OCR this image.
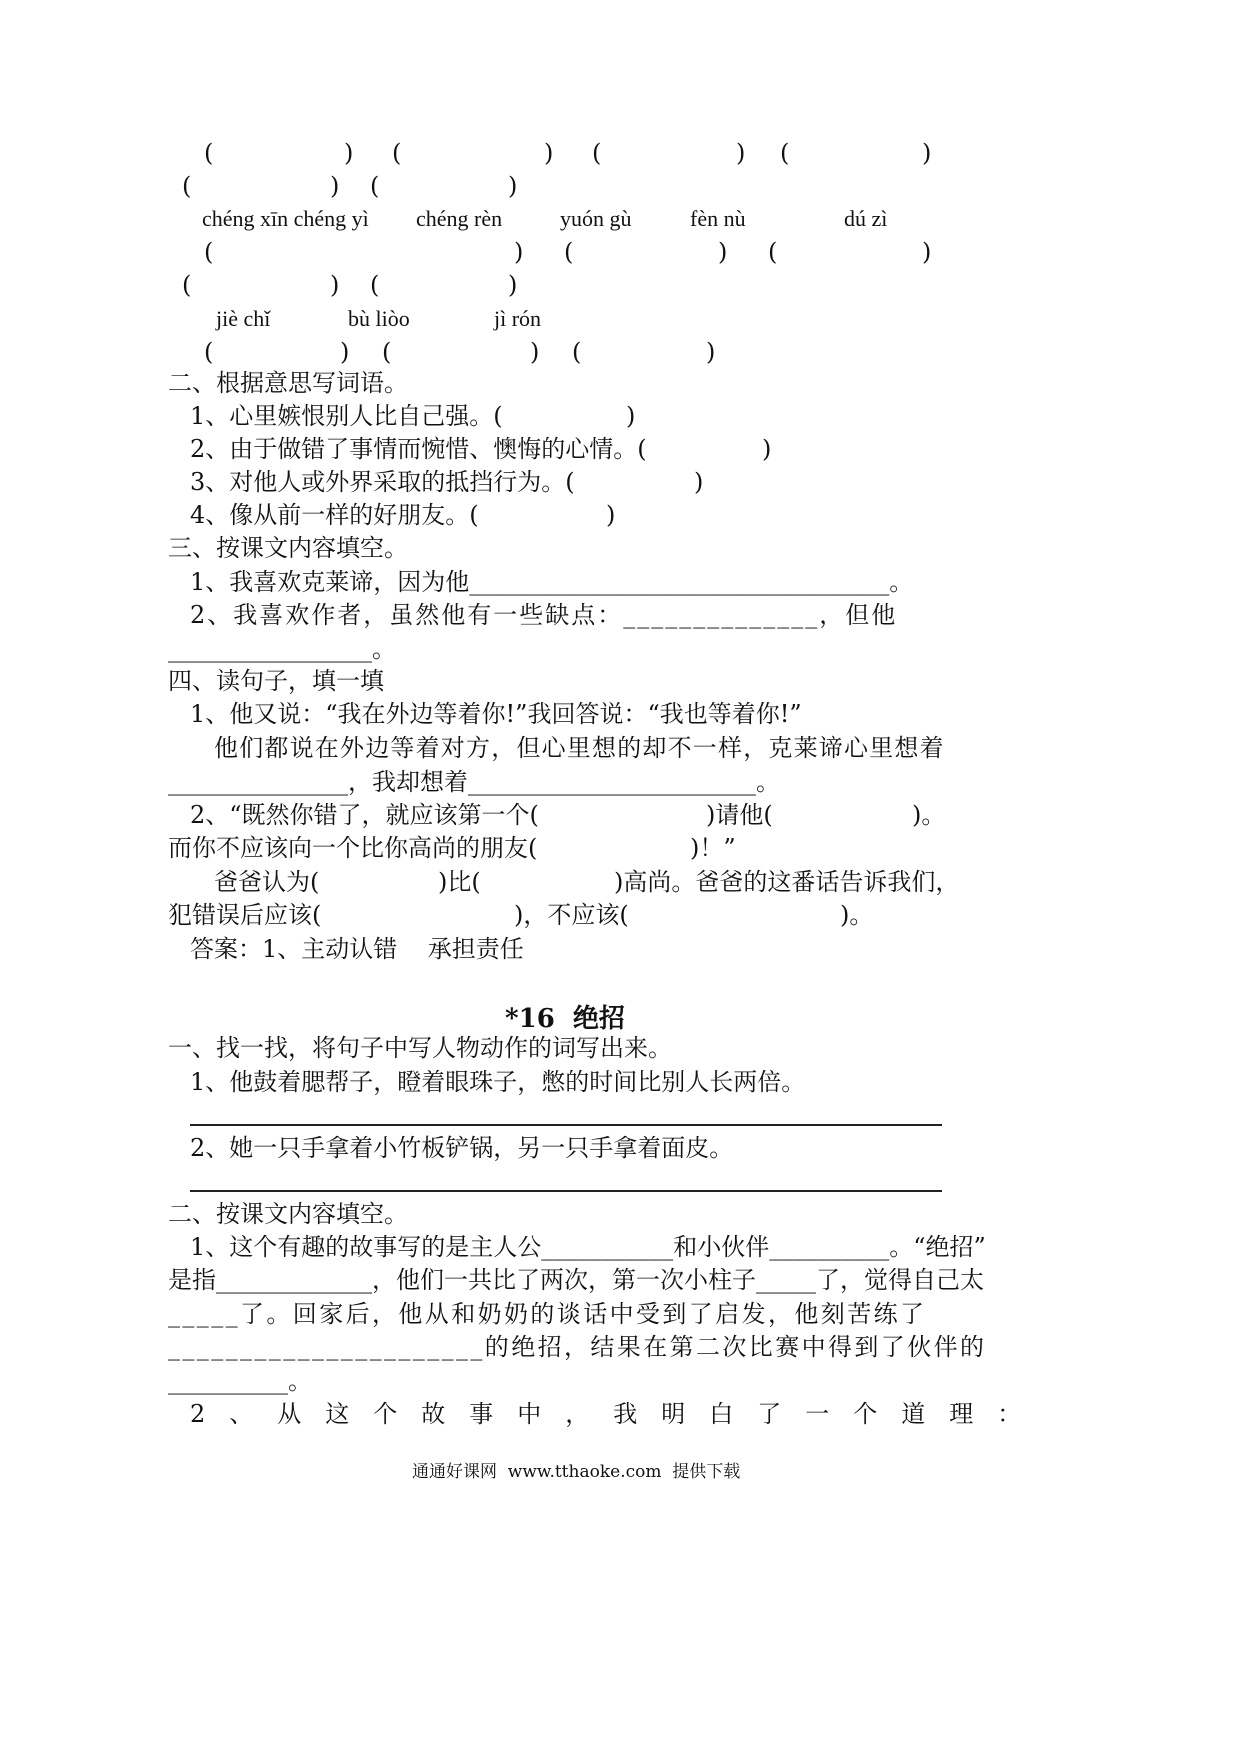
(	) (	) (	) (	)
(	) (	)
chéng xīn chéng yì chéng rèn	yuón gù	fèn nù	dú zì
(	) (	) (	)
(	) (	)
jiè chǐ	bù liòo	jì rón
(	) (	) (	)
二、根据意思写词语。
1、心里嫉恨别人比自己强。(	)
2、由于做错了事情而惋惜、懊悔的心情。(	)
3、对他人或外界采取的抵挡行为。(	)
4、像从前一样的好朋友。(	)
三、按课文内容填空。
1、我喜欢克莱谛，因为他___________________________________。
2、我喜欢作者，虽然他有一些缺点：______________，但他
_________________。
四、读句子，填一填
1、他又说：“我在外边等着你!”我回答说：“我也等着你!”
他们都说在外边等着对方，但心里想的却不一样，克莱谛心里想着
_______________，我却想着________________________。
2、“既然你错了，就应该第一个(	)请他(	)。
而你不应该向一个比你高尚的朋友(	)！”
爸爸认为(	)比(	)高尚。爸爸的这番话告诉我们，
犯错误后应该(	)，不应该(	)。
答案：1、主动认错    承担责任
*16  绝招
一、找一找，将句子中写人物动作的词写出来。
1、他鼓着腮帮子，瞪着眼珠子，憋的时间比别人长两倍。
2、她一只手拿着小竹板铲锅，另一只手拿着面皮。
二、按课文内容填空。
1、这个有趣的故事写的是主人公___________和小伙伴__________。“绝招”
是指_____________，他们一共比了两次，第一次小柱子_____了，觉得自己太
_____了。回家后，他从和奶奶的谈话中受到了启发，他刻苦练了
______________________的绝招，结果在第二次比赛中得到了伙伴的
__________。
2、从这个故事中，我明白了一个道理：
通通好课网  www.tthaoke.com  提供下载
